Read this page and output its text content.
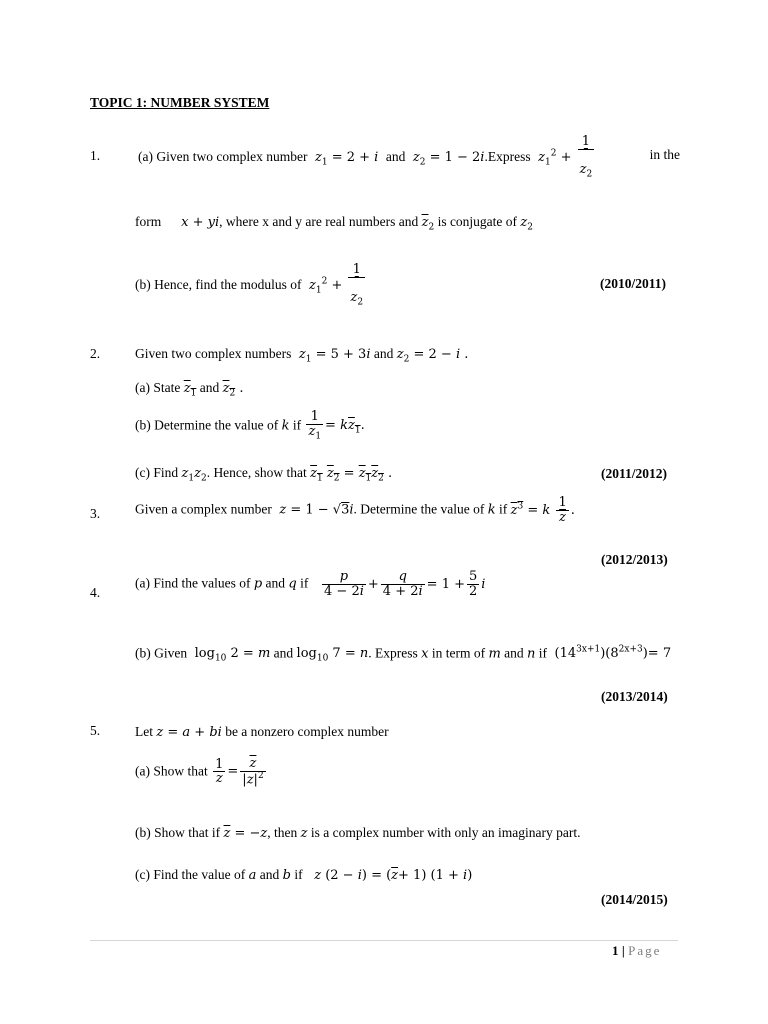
TOPIC 1: NUMBER SYSTEM
1.	(a) Given two complex number  $z_1 = 2 + i$  and  $z_2 = 1$ − 2i.Express  $z_1^2$ +
1

$z_2$
in the
form     x + yi, where x and y are real numbers and $\overline{z}_2$ is conjugate of $z_2$
(b) Hence, find the modulus of  $z_1^2$ +
1

$z_2$
(2010/2011)
2.	Given two complex numbers  $z_1 = 5 + 3i$ and $z_2 = 2 - i$ .
(a) State $z_1$ and $z_2$ .
(b) Determine the value of k if $\frac{1}{z_1} = kz_1$.
(c) Find $z_1z_2$. Hence, show that $z_1$ $z_2 = z_1z_2$ .	(2011/2012)
3.	Given a complex number  z = 1 − √3i. Determine the value of k if $z^3 = k \frac{1}{z}$ .
(2012/2013)
4.
(a) Find the values of p and q if $\frac{p}{4 - 2i} + \frac{q}{4 + 2i} = 1 + \frac{5}{2}$ i
(b) Given  $\log_{10} 2 = m$ and $\log_{10} 7 = n$. Express x in term of m and n if  $(14^{3x+1})(8^{2x+3})= 7$
(2013/2014)
5.	Let z = a + bi be a nonzero complex number
(a) Show that $\frac{1}{z} = \frac{\overline{z}}{|z|^2}$
(b) Show that if $\overline{z} = -z$, then z is a complex number with only an imaginary part.
(c) Find the value of a and b if   z $(2 - i) = (\overline{z}+ 1) (1 + i)$
(2014/2015)
1 | Page
